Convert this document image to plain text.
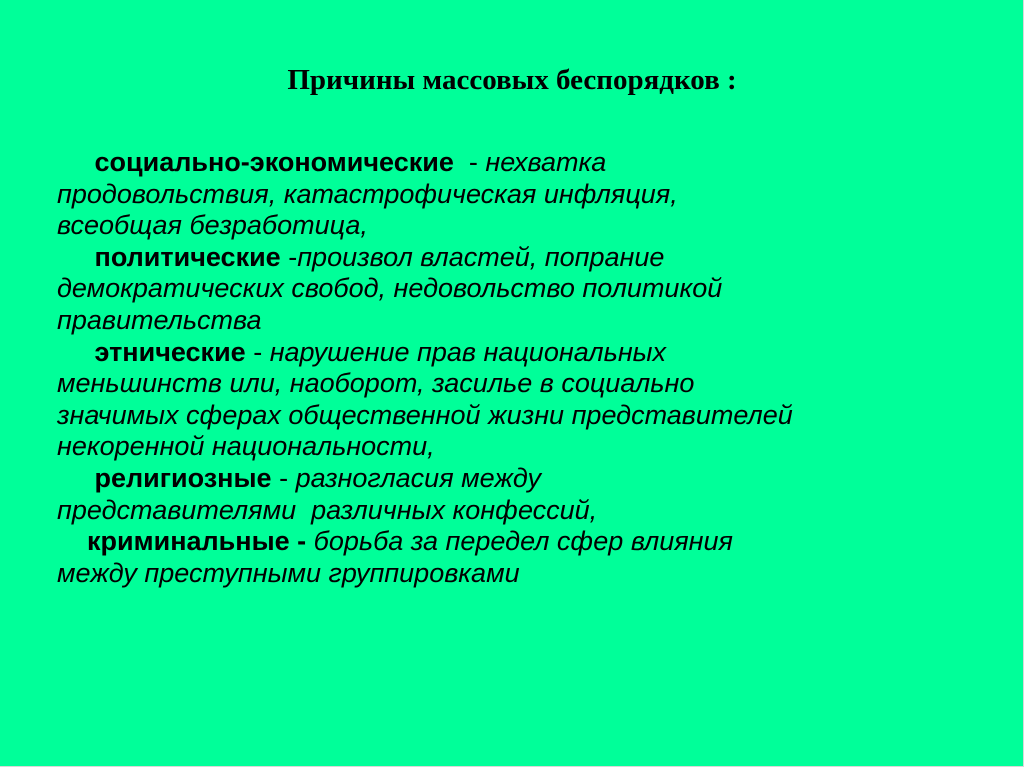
Причины массовых беспорядков :
социально-экономические  - нехватка
продовольствия, катастрофическая инфляция,
всеобщая безработица,
политические -произвол властей, попрание
демократических свобод, недовольство политикой
правительства
этнические - нарушение прав национальных
меньшинств или, наоборот, засилье в социально
значимых сферах общественной жизни представителей
некоренной национальности,
религиозные - разногласия между
представителями  различных конфессий,
криминальные - борьба за передел сфер влияния
между преступными группировками
